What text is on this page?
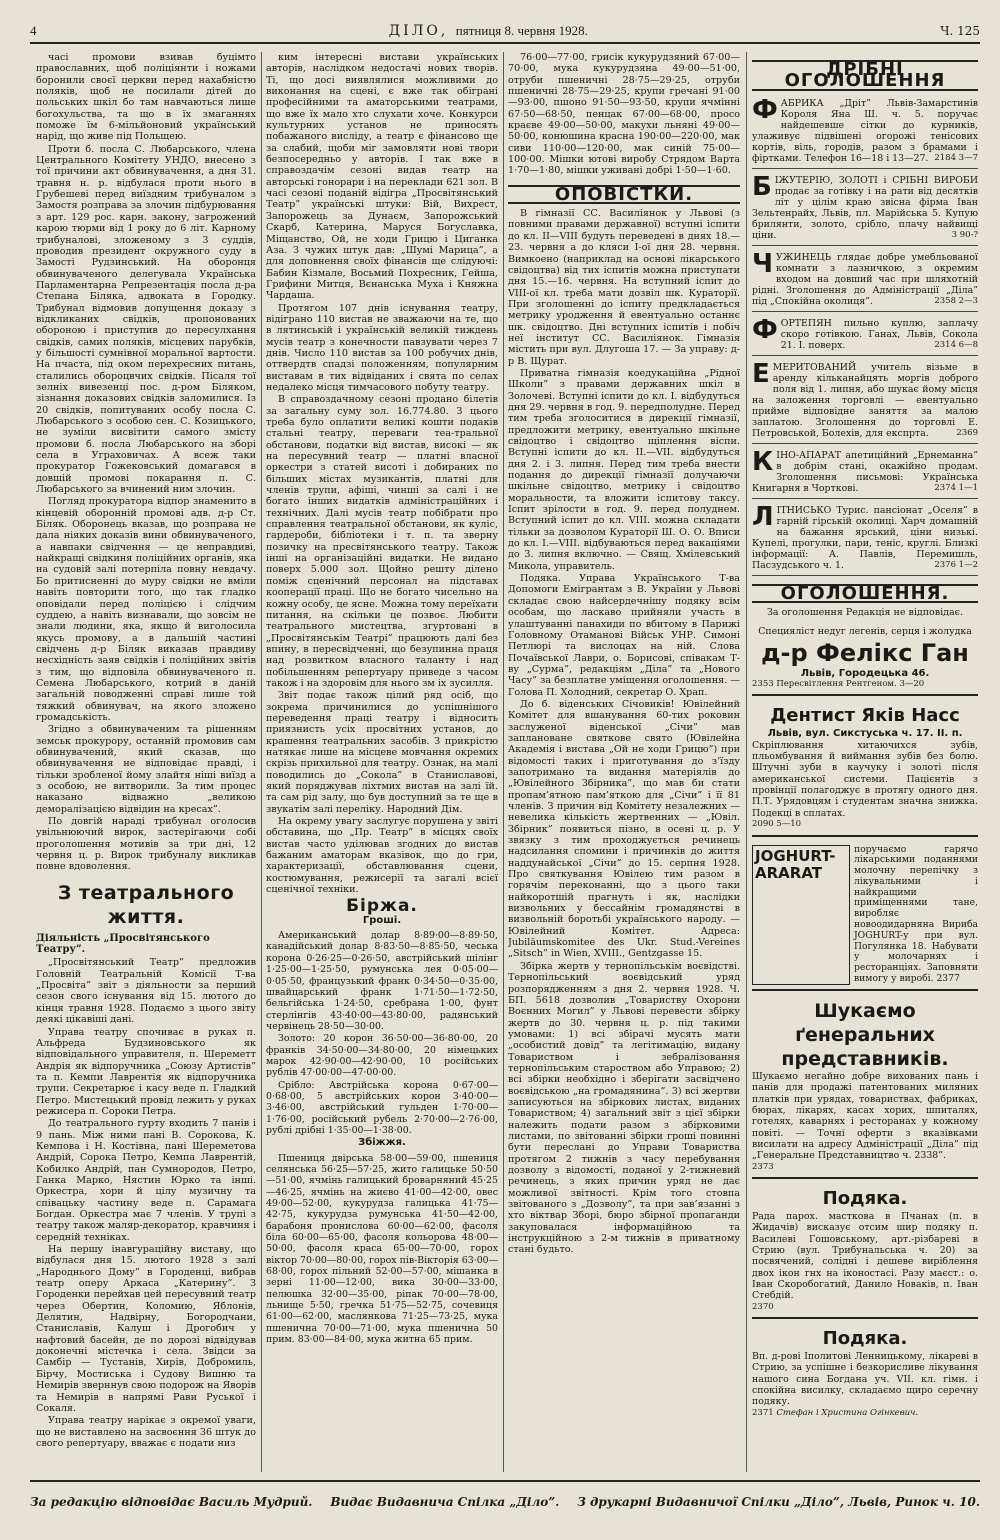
4	ДІЛО, пятниця 8. червня 1928.	Ч. 125

часі промови взивав буцімто православних, щоб поліціянти і ножами боронили своєї церкви перед нахабністю поляків, щоб не посилали дітей до польських шкіл бо там навчаються лише богохульства, та що в їх змаганнях поможе їм 6-мільйоновий український нарід, що живе під Польщею.

Проти б. посла С. Любарського, члена Центрального Комітету УНДО, внесено з тої причини акт обвинувачення, а дня 31. травня н. р. відбулася проти нього в Грубешеві перед виїздним трибуналом з Замостя розправа за злочин підбурювання з арт. 129 рос. карн. закону, загрожений карою тюрми від 1 року до 6 літ. Карному трибуналові, зложеному з 3 суддів, проводив президент окружного суду в Замості Рудзинський. На оборонця обвинуваченого делегувала Українська Парламентарна Репрезентація посла д-ра Степана Біляка, адвоката в Городку. Трибунал відмовив допущення доказу з відкликаних свідків, пропонованих обороною і приступив до пересулхання свідків, самих поляків, місцевих парубків, у більшості сумнівної моральної вартости. На пчаста, під оком перехресних питань, сталились обороцвчих свідків. Пісаля тої зелніх вивезенці пос. д-ром Біляком, зізнання доказових свідків заломилися. Із 20 свідків, попитуваних особу посла С. Любарського з особою сен. С. Козицького, не зуміли висвітити самого змісту промови б. посла Любарського на зборі села в Уграховичах. А всеж таки прокуратор Гожековський домагався в довшій промові покарання п. С. Любарського за вчинений ним злочин.

Погляд прокуратора відпор знаменито в кінцевій оборонній промові адв. д-р Ст. Біляк. Оборонець вказав, що розправа не дала ніяких доказів вини обвинуваченого, а навпаки свідчення — це неправдиві, найкращі свідкиня поліційних органів, яка на судовій залі потерпіла повну невдачу. Бо притисненні до муру свідки не вміли навіть повторити того, що так гладко оповідали перед поліцією і слідчим суддею, а навіть визнавали, що зовсім не знали людини, яка, якщо й виголосила якусь промову, а в дальшій частині свідчень д-р Біляк виказав правдиву несхідність заяв свідків і поліційних звітів з тим, що відповіла обвинуваченого п. Семена Любарського, котрий в даній загальній поводженні справі лише той тяжкий обвинувач, на якого зложено громадськість.

Згідно з обвинуваченим та рішенням земськ прокурору, останній промовив сам обвинувачений, який сказав, що обвинувачення не відповідає правді, і тільки зробленої йому злайтя ніші виїзд а з особою, не витворили. За тим процес наказано відважно „великою деморалізацією відвідин на кресах”.

По довгій нараді трибунал оголосив увільнюючий вирок, застерігаючи собі проголошення мотивів за три дні, 12 червня ц. р. Вирок трибуналу викликав повне вдоволення.

З театрального життя.
Діяльність „Просвітянського Театру”.

„Просвітянський Театр” предложив Головній Театральній Комісії Т-ва „Просвіта” звіт з діяльности за перший сезон свого існування від 15. лютого до кінця травня 1928. Подаємо з цього звіту деякі цікавіші дані.

Управа театру спочиває в руках п. Альфреда Будзиновського як відповідального управителя, п. Шереметт Андрія як відпоручника „Союзу Артистів” та п. Кемпи Лаврентія як відпоручника трупи. Секретарює і касу веде п. Гладкий Петро. Мистецький провід лежить у руках режисера п. Сороки Петра.

До театрального гурту входить 7 панів і 9 пань. Між ними пані В. Сорокова, К. Кемпова і Н. Костівна, пані Шереметова Андрій, Сорока Петро, Кемпа Лаврентій, Кобилко Андрій, пан Сумнородов, Петро, Ганка Марко, Нястин Юрко та інші. Оркестра, хори й цілу музичну та співацьку частину веде п. Сарамага Богдан. Оркестра має 7 членів. У трупі з театру також маляр-декоратор, кравчиня і середній техніках.

На першу інавгураційну виставу, що відбулася дня 15. лютого 1928 з залі „Народнього Дому” в Городенці, вибрав театр оперу Аркаса „Катерину”. З Городенки перейхав цей пересувний театр через Обертин, Коломию, Яблонів, Делятин, Надвірну, Богородчани, Станиславів, Калуш і Дрогобич у нафтовий басейн, де по дорозі відвідував доконечні містечка і села. Звідси за Самбір — Тустанів, Хирів, Добромиль, Бірчу, Мостиська і Судову Вишню та Немирів зверннув свою подорож на Яворів та Немирів в напрямі Рави Руської і Сокаля.

Управа театру нарікає з окремої уваги, що не виставлено на засвоєння 36 штук до свого репертуару, вважає є подати низ

ким інтересні вистави українських авторів, наслідком недостачі нових творів. Ті, що досі виявлялися можливими до виконання на сцені, є вже так обіграні професійними та аматорськими театрами, що вже їх мало хто слухати хоче. Конкурси культурних установ не приносять побажаного висліду, а театр є фінансово ще за слабий, щоби міг замовляти нові твори безпосередньо у авторів. І так вже в справоздачім сезоні видав театр на авторські гонорари і на переклади 621 зол. В часі сезоні поданій відігра „Просвітянський Театр” українські штуки: Вій, Вихрест, Запорожець за Дунаєм, Запорожський Скарб, Катерина, Маруся Богуславка, Міщанство, Ой, не ходи Грицю і Циганка Аза. З чужих штук дав: „Шумі Марица”, а для доповнення своїх фінансів ще слідуючі: Бабин Кізмале, Восьмий Похресник, Гейша, Грифини Митця, Вєнанська Муха і Княжна Чардаша.

Протягом 107 днів існування театру, відіграно 110 вистав не зважаючи на те, що в лятинській і українській великій тиждень мусів театр з конечности павзувати через 7 днів. Число 110 вистав за 100 робучих днів, оттвердтв спадзі положенням, популярним виставам в тих відвіданих і свята по селах недалеко місця тимчасового побуту театру.

В справоздачному сезоні продано білетів за загальну суму зол. 16.774.80. З цього треба було оплатити великі кошти подаків стальні театру, переваги теа-тральної обстанови, податки від вистав, високі — як на пересувний театр — платні власної оркестри з статей висоті і добираних по більших містах музикантів, платні для членів трупи, афіші, чинші за салі і не богато інших видатків адміністраційних і технічних. Далі мусів театр побібрати про справлення театральної обстанови, як куліс, гардероби, бібліотеки і т. п. та зверну позичку на пресвітянського театру. Також інші на організаційні видатки. Не видано поверх 5.000 зол. Щойно решту ділено поміж сценічний персонал на підставах кооперації праці. Що не богато чисельно на кожну особу, це ясне. Можна тому переїхати питання, на скільки це позвоє. Любити театрального мистецтва, згуртовані в „Просвітянськім Театрі” працюють далі без впину, в пересвідченні, що безупинна праця над розвитком власного таланту і над побільшенням репертуару приведе з часом також і на здоровім для нього зм іх зусилля.

Звіт подає також цілий ряд осіб, що зокрема причинилися до успішнішого переведення праці театру і відносить приязнисть усіх просвітних установ, до крашення театральних засобів. З прикрістю натякає лише на місцеве мовчання окремих скрізь прихильної для театру. Ознак, на малі поводились до „Сокола” в Станиславові, який поряджував ліхтмих вистав на залі їй. та сам рід залу, що був доступний за те ще в звукатім залі переліку. Народний Дім.

На окрему увагу заслугує порушена у звіті обставина, що „Пр. Театр” в місцях своїх вистав часто уділював згодних до вистав бажаним аматорам вказівок, що до гри, характеризації, обставлювання сцени, костюмування, режисерії та загалі всієї сценічної техніки.

Біржа.
Гроші.

Американський долар 8·89·00—8·89·50, канадійський долар 8·83·50—8·85·50, чеська корона 0·26·25—0·26·50, австрійський шілінг 1·25·00—1·25·50, румунська лея 0·05·00—0·05·50, французький франк 0·34·50—0·35·00, швайцарський франк 1·71·50—1·72·50, бельгійська 1·24·50, сребрана 1·00, фунт стерлінгів 43·40·00—43·80·00, радянський червінець 28·50—30·00.

Золото: 20 корон 36·50·00—36·80·00, 20 франків 34·50·00—34·80·00, 20 німецьких марок 42·90·00—42·90·00, 10 російських рублів 47·00·00—47·00·00.

Срібло: Австрійська корона 0·67·00—0·68·00, 5 австрійських корон 3·40·00—3·46·00, австрійський гульден 1·70·00—1·76·00, російський рубель 2·70·00—2·76·00, рублі дрібні 1·35·00—1·38·00.

Збіжжя.

Пшениця двірська 58·00—59·00, пшениця селянська 56·25—57·25, жито галицьке 50·50—51·00, ячмінь галицький броварняний 45·25—46·25, ячмінь на жиєво 41·00—42·00, овес 49·00—52·00, кукурудза галицька 41·75—42·75, кукурудза румунська 41·50—42·00, барабоня пронислова 60·00—62·00, фасоля біла 60·00—65·00, фасоля кольорова 48·00—50·00, фасоля краса 65·00—70·00, горох віктор 70·00—80·00, горох пів-Вікторія 63·00—68·00, горох пільний 52·00—57·00, мішанка в зерні 11·00—12·00, вика 30·00—33·00, пелюшка 32·00—35·00, ріпак 70·00—78·00, льнище 5·50, гречка 51·75—52·75, сочевиця 61·00—62·00, маслянкова 71·25—73·25, мука пшенична 70·00—71·00, мука пшенична 50 прим. 83·00—84·00, мука житна 65 прим.

76·00—77·00, грисік кукурудзяний 67·00—70·00, мука кукурудзяна 49·00—51·00, отруби пшеничні 28·75—29·25, отруби пшеничні 28·75—29·25, крупи гречані 91·00—93·00, пшоно 91·50—93·50, крупи ячмінні 67·50—68·50, пенцак 67·00—68·00, просо краєве 49·00—50·00, макухи льняні 49·00—50·00, конюшина красна 190·00—220·00, мак сиви 110·00—120·00, мак синій 75·00—100·00. Мішки ютові виробу Стрядом Варта 1·70—1·80, мішки уживані добрі 1·50—1·60.

ОПОВІСТКИ.

В гімназії СС. Василіянок у Львові (з повними правами державної) вступні іспити до кл. II—VIII будуть переведені в днях 18.—23. червня а до кляси І-ої дня 28. червня. Вимкоено (наприклад на основі лікарського свідоцтва) від тих іспитів можна приступати дня 15.—16. червня. На вступний іспит до VIII-ої кл. треба мати дозвіл шк. Кураторії. При зголошенні до іспиту предкладається метрику уродження й евентуально останнє шк. свідоцтво. Дні вступних іспитів і побіч неї інститут СС. Василіянок. Гімназія містить при вул. Длугоша 17. — За управу: д-р В. Щурат.

Приватна гімназія коедукаційна „Рідної Школи” з правами державних шкіл в Золочеві. Вступні іспити до кл. І. відбудуться дня 29. червня в год. 9. передполудне. Перед тим треба зголоситися в дирекції гімназії, предложити метрику, евентуально шкільне свідоцтво і свідоцтво щіплення віспи. Вступні іспити до кл. II.—VII. відбудуться дня 2. і 3. липня. Перед тим треба внести подання до дирекції гімназії долучаючи шкільне свідоцтво, метрику і свідоцтво моральности, та вложити іспитову таксу. Іспит зрілости в год. 9. перед полуднем. Вступний іспит до кл. VIII. можна складати тільки за дозволом Кураторії Ш. О. О. Вписи до кл. І.—VIII. відбуваються перед вакаціями до 3. липня включно. — Свящ. Хмілевський Микола, управитель.

Подяка. Управа Українського Т-ва Допомоги Емігрантам з В. України у Львові складає свою найсердечнішу подяку всім особам, що ласкаво прийняли участь в улаштуванні панахиди по вбитому в Парижі Головному Отаманові Військ УНР. Симоні Петлюрі та вислоцах на ній. Слова Почаївської Лаври, о. Борисові, співакам Т-ву „Сурма”, редакціям „Діла” та „Нового Часу” за безплатне уміщення оголошення. — Голова П. Холодний, секретар О. Храп.

До б. віденських Січовиків! Ювілейний Комітет для вшанування 60-тих роковин заслуженої віденської „Січи” мав заплановане святкове свято (Ювілейна Академія і вистава „Ой не ходи Грицю”) при відомості таких і приготування до з’їзду запотримано та видання матеріялів до „Ювілейного Збірника”, що мав би стати пропам’ятною пам’яткою для „Січи” і її 81 членів. З причин від Комітету незалежних — невелика кількість жертвенних — „Ювіл. Збірник” появиться пізно, в осені ц. р. У звязку з тим проходжується речинець надсилання спомини і причинків до життя наддунайської „Січи” до 15. серпня 1928. Про святкування Ювілею тим разом в горячім переконанні, що з цього таки найкоротшій прагнуть і як, наслідки визвольних у бессайнім громадянстві в визвольній боротьбі українського народу. — Ювілейний Комітет. Адреса: Jubiläumskomitee des Ukr. Stud.-Vereines „Sitsch” in Wien, XVIII., Gentzgasse 15.

Збірка жертв у тернопільськім воєвідстві. Тернопільський воєвідський уряд розпорядженням з дня 2. червня 1928. Ч. БП. 5618 дозволив „Товариству Охорони Воєнних Могил” у Львові перевести збірку жертв до 30. червня ц. р. під такими умовами: 1) всі збірачі мусять мати „особистий довід” та легітимацію, видану Товариством і зебралізовання тернопільським староством або Управою; 2) всі збірки необхідно і зберігати засвідчено воєвідською „на громадянина”. 3) всі жертви записуються на збіркових листах, виданих Товариством; 4) загальний звіт з цієї збірки належить подати разом з збірковими листами, по звітованні збірки гроші повинні бути переслані до Управи Товариства протягом 2 тижнів з часу перебування дозволу з відомості, поданої у 2-тижневий речинець, з яких причин уряд не дає можливої звітності. Крім того стовпа звітованого з „Дозволу”, та при зав’язанні з хто віктвар Зборі, бюро збірної пропаганди закуповалася інформаційною та інструкційною з 2-м тижнів в приватному стані будьто.

ДРІБНІ ОГОЛОШЕННЯ
Ф АБРИКА „Дріт” Львів-Замарстинів Короля Яна Ш. ч. 5. поручає найдешевше сітки до курників, улаживує підвішені огорожі тенісових кортів, віль, городів, разом з брамами і фіртками. Телефон 16—18 і 13—27. 2184 3—7
Б ІЖУТЕРІЮ, ЗОЛОТІ і СРІБНІ ВИРОБИ продає за готівку і на рати від десятків літ у цілім краю звісна фірма Іван Зельтенрайх, Львів, пл. Марійська 5. Купую брилянти, золото, срібло, плачу найвищі ціни.	3 90-?
Ч УЖИНЕЦЬ глядає добре умебльованої комнати з лазничкою, з окремим входом на довший час при шляхотній рідні. Зголошення до Адміністрації „Діла” під „Спокійна околиця”.	2358 2—3
Ф ОРТЕПЯН пильно куплю, заплачу скоро готівкою. Ганах, Львів, Сокола 21. І. поверх.	2314 6—8
Е МЕРИТОВАНИЙ учитель візьме в аренду кільканайцять моргів доброго поля від 1. липня, або шукає йому місця на заложення торговлі — евентуально прийме відповідне заняття за малою заплатою. Зголошення до торговлі Е. Петровськой, Болехів, для експрта.	2369
К ІНО-АПАРАТ апетиційний „Ернеманна” в добрім стані, окажійно продам. Зголошення письмові: Українська Книгарня в Чорткові.	2374 1—1
Л ІТНИСЬКО Турис. пансіонат „Оселя” в гарній гірській околиці. Харч домашній на бажання ярський, ціни низькі. Купелі, прогулки, пари, теніс, круглі. Близкі інформації: А. Павлів, Перемишль, Пасзудського ч. 1.	2376 1—2
ОГОЛОШЕННЯ.
За оголошення Редакція не відповідає.
Специяліст недуг легенів, серця і жолудка
д-р Фелікс Ган
Львів, Городецька 46.
2353 Пересвітлення Рентгеном. 3—20
Дентист Яків Насс
Львів, вул. Сикстуська ч. 17. II. п.
Скріплювання хитаючихся зубів, пльомбування й виймання зубів без болю. Штучні зуби в каучуку і золоті після американської системи. Пацієнтів з провінції полагоджує в протягу одного дня. П.Т. Урядовцям і студентам значна знижка. Подекці в сплатах.
2090 5—10
JOGHURT-ARARAT
поручаємо гарячо лікарськими поданнями молочну перепічку з лікувальними і найкращими приміщеннями тане, виробляє новоодидарняна Вириба JOGHURT-у при вул. Погулянка 18. Набувати у молочарнях і ресторанціях. Заповняти вимогу у виробі. 2377
Шукаємо ґенеральних представників.
Шукаємо негайно добре вихованих пань і панів для продажі патентованих миляних платків при урядах, товариствах, фабриках, бюрах, лікарях, касах хорих, шпиталях, готелях, каварнях і ресторанах у кожному повіті. — Точні оферти з вказівками висилати на адресу Адміністрації „Діла” під „Генеральне Представництво ч. 2338”.
2373
Подяка.
Рада парох. масткова в Пчанах (п. в Жидачів) висказує отсим шир подяку п. Василеві Гошовському, арт.-різбареві в Стрию (вул. Трибунальська ч. 20) за посвячений, солідні і дешеве виріблення двох ікон гнх на іконостасі. Разу маєст.: о. Іван Скоробогатий, Данило Новаків, п. Іван Стебдій.
2370
Подяка.
Вп. д-рові Іполитові Ленницькому, лікареві в Стрию, за успішне і безкорисливе лікування нашого сина Богдана уч. VII. кл. гімн. і спокійна висилку, складаємо щиро серечну подяку.
2371 Стефан і Христина Огінкевич.
За редакцію відповідає Василь Мудрий. Видає Видавнича Спілка „Діло”. З друкарні Видавничої Спілки „Діло”, Львів, Ринок ч. 10.
